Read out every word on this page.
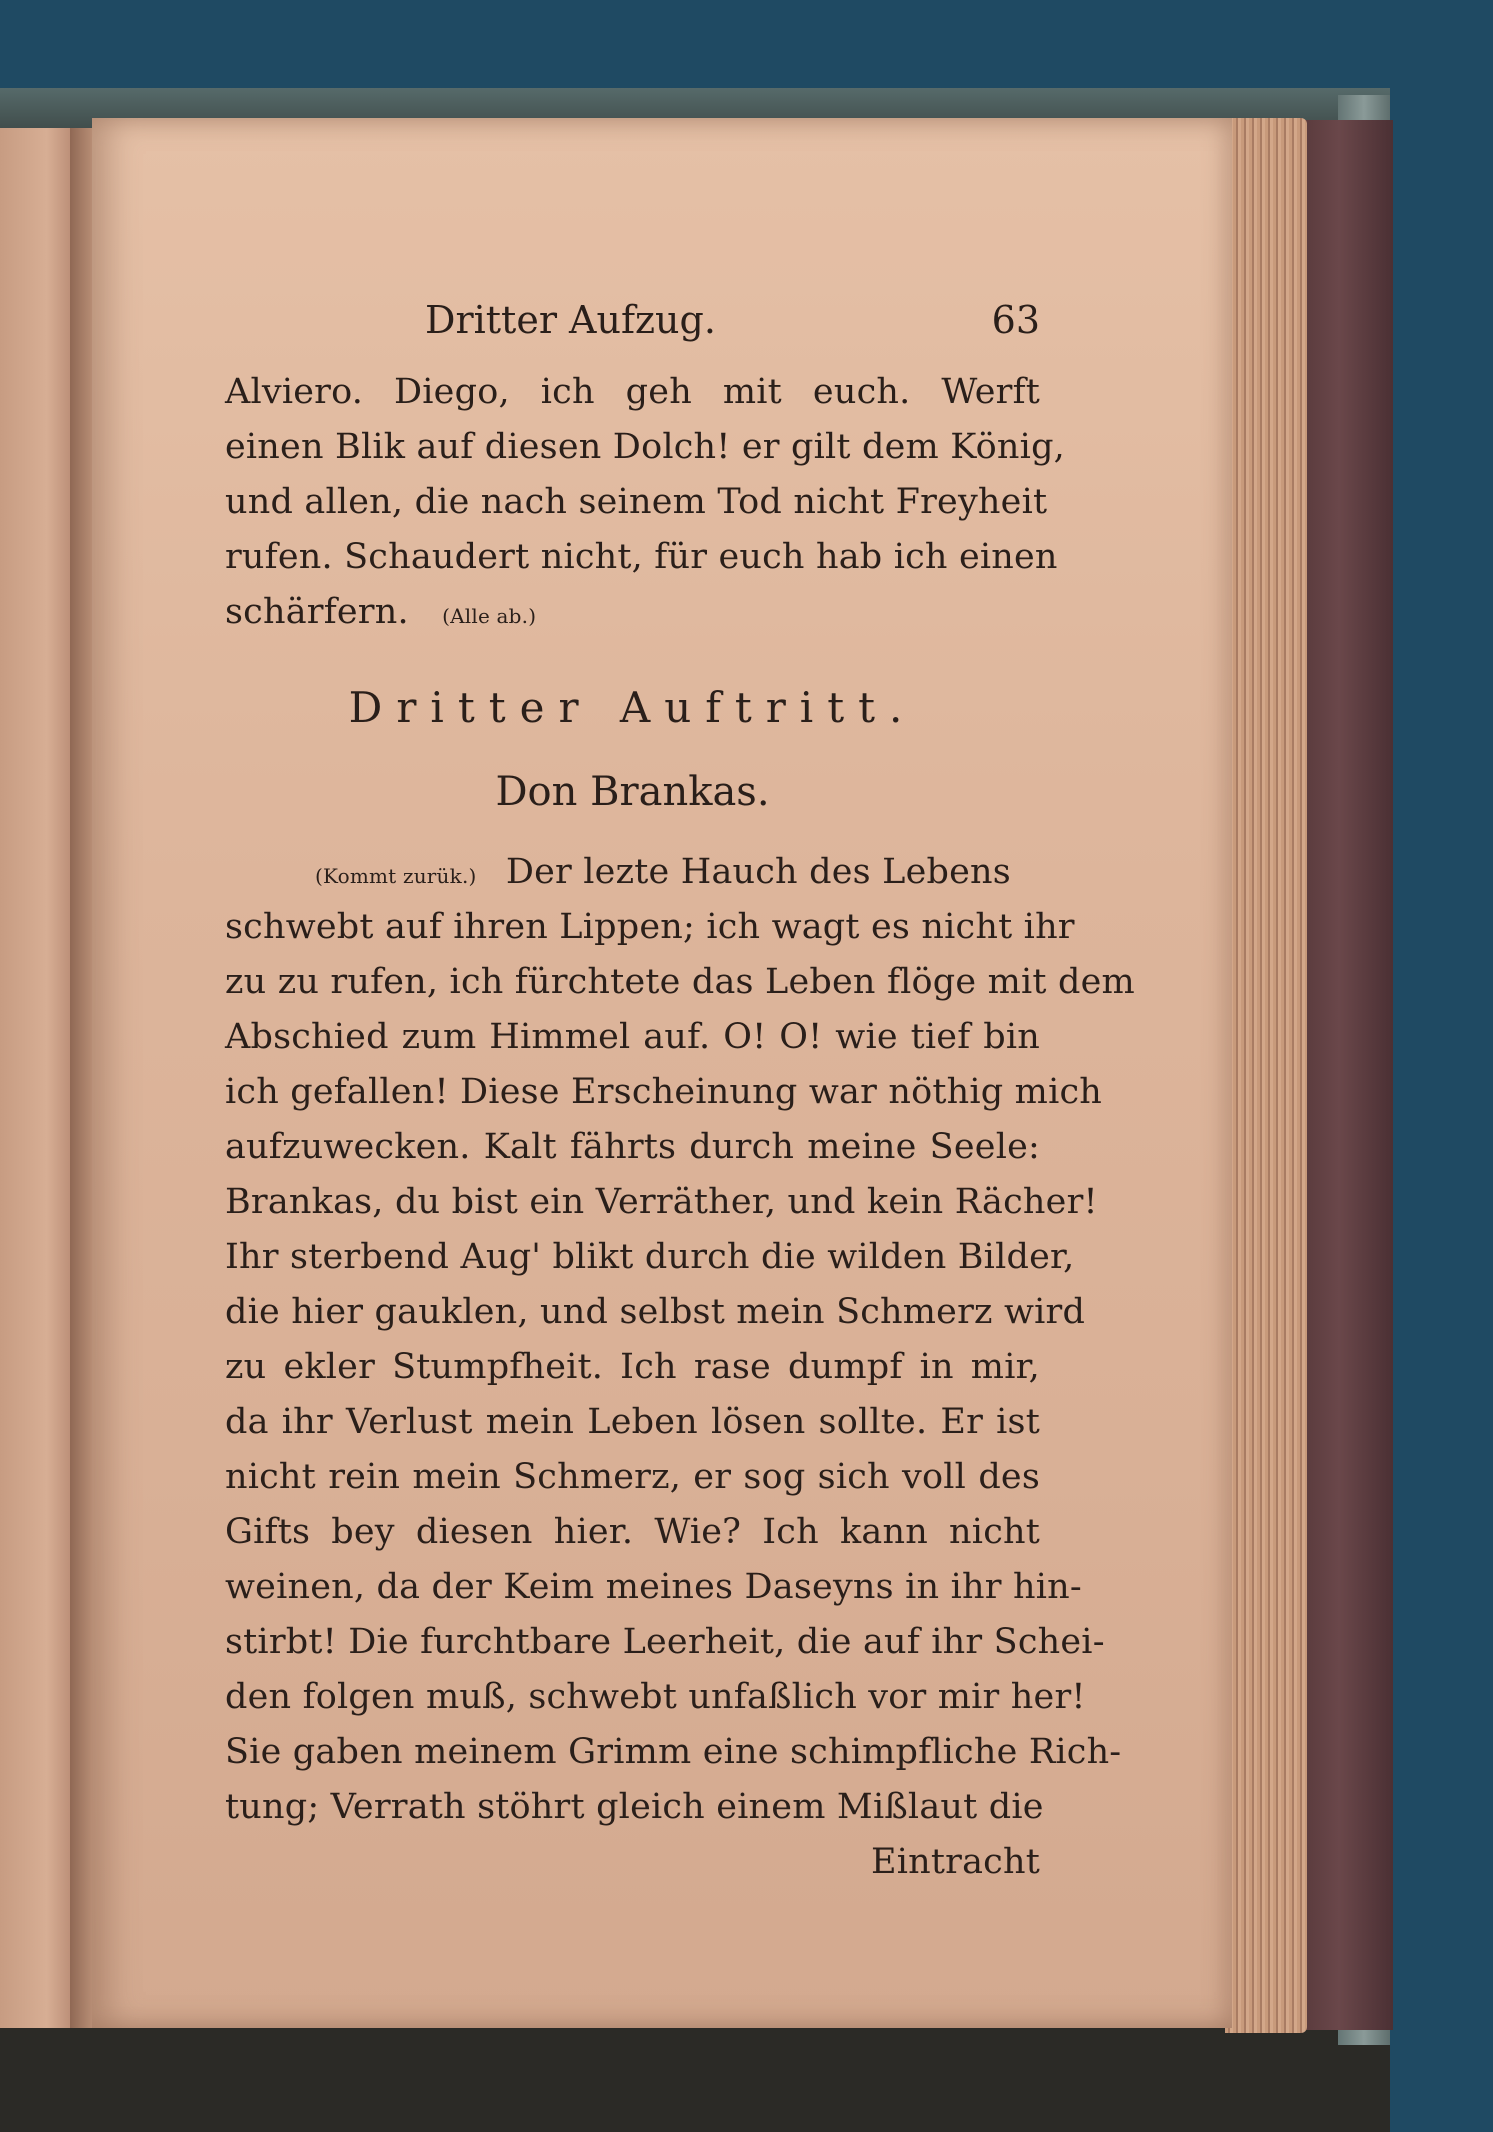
Dritter Aufzug.	63
Alviero. Diego, ich geh mit euch. Werft
einen Blik auf diesen Dolch! er gilt dem König,
und allen, die nach seinem Tod nicht Freyheit
rufen. Schaudert nicht, für euch hab ich einen
schärfern. (Alle ab.)
Dritter Auftritt.
Don Brankas.
(Kommt zurük.) Der lezte Hauch des Lebens
schwebt auf ihren Lippen; ich wagt es nicht ihr
zu zu rufen, ich fürchtete das Leben flöge mit dem
Abschied zum Himmel auf. O! O! wie tief bin
ich gefallen! Diese Erscheinung war nöthig mich
aufzuwecken. Kalt fährts durch meine Seele:
Brankas, du bist ein Verräther, und kein Rächer!
Ihr sterbend Aug' blikt durch die wilden Bilder,
die hier gauklen, und selbst mein Schmerz wird
zu ekler Stumpfheit. Ich rase dumpf in mir,
da ihr Verlust mein Leben lösen sollte. Er ist
nicht rein mein Schmerz, er sog sich voll des
Gifts bey diesen hier. Wie? Ich kann nicht
weinen, da der Keim meines Daseyns in ihr hin-
stirbt! Die furchtbare Leerheit, die auf ihr Schei-
den folgen muß, schwebt unfaßlich vor mir her!
Sie gaben meinem Grimm eine schimpfliche Rich-
tung; Verrath stöhrt gleich einem Mißlaut die
Eintracht
